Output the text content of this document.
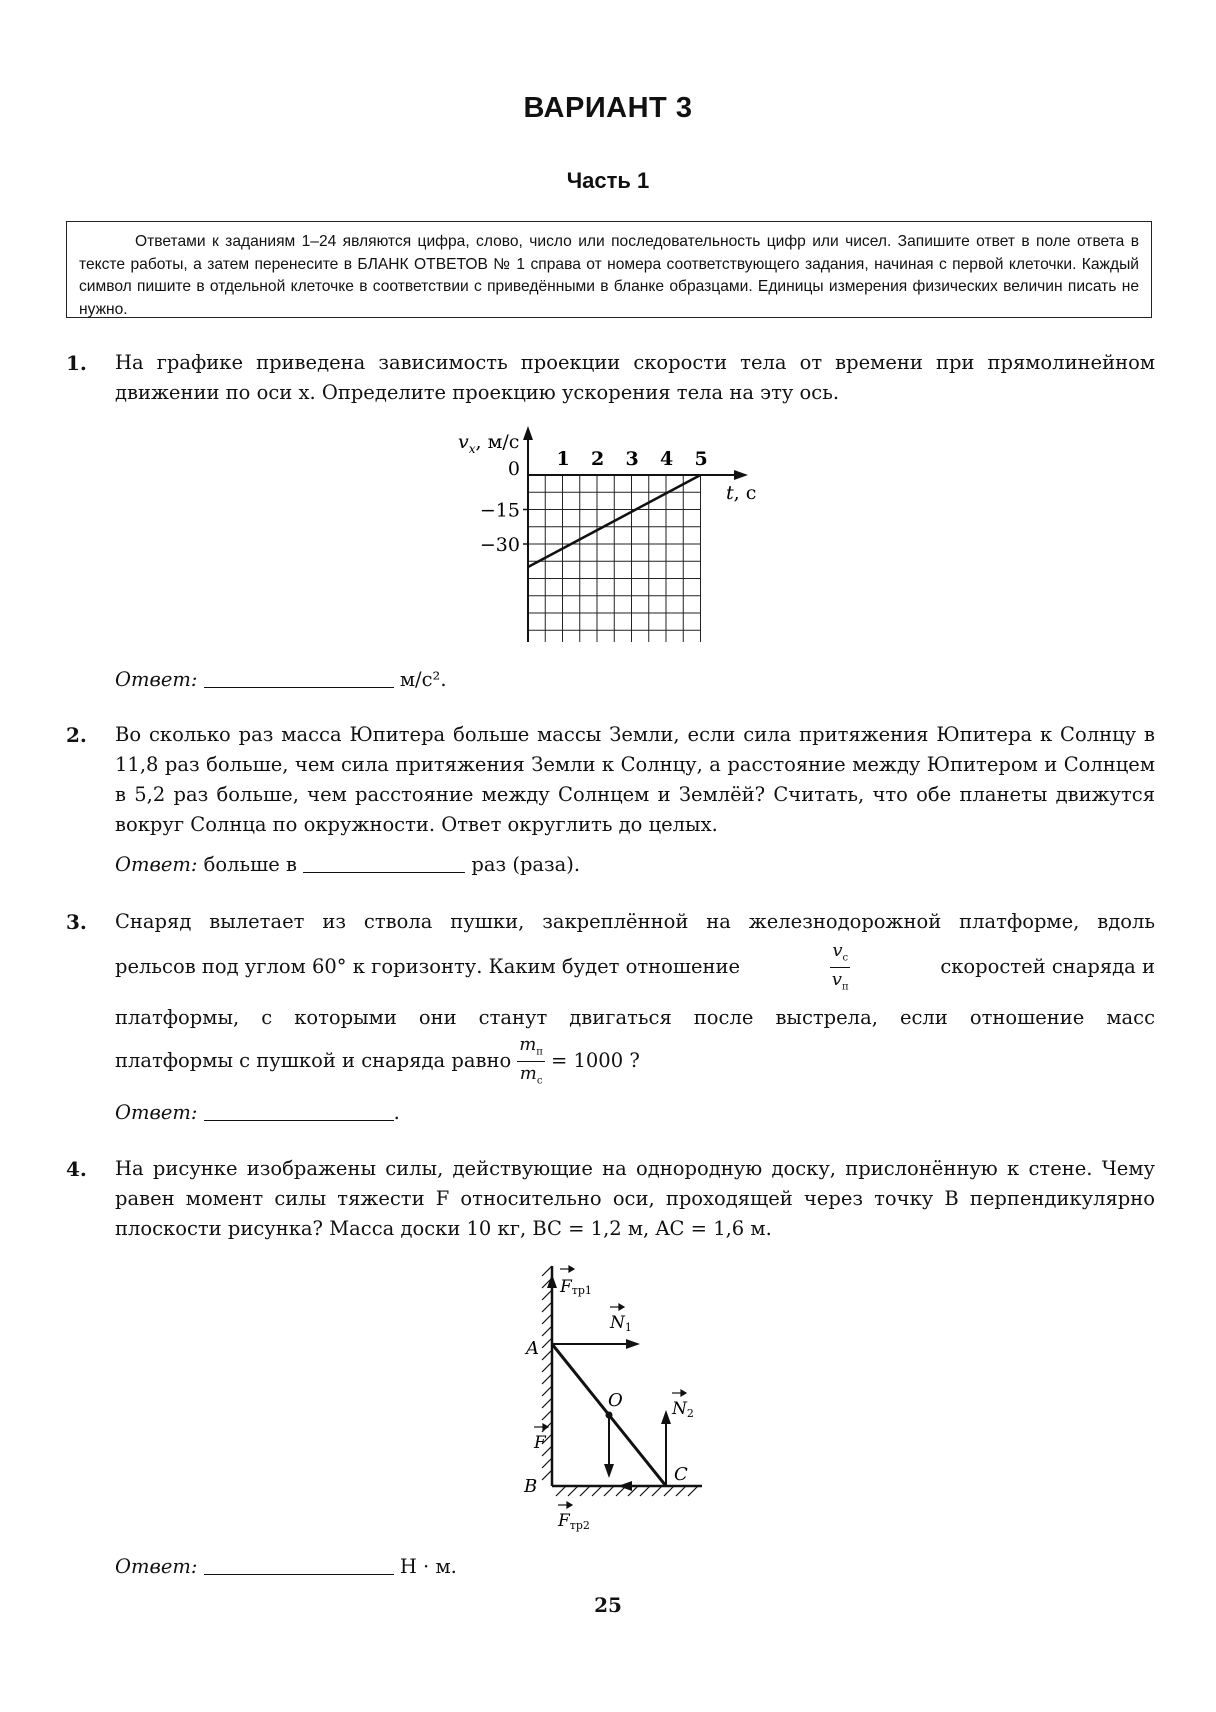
ВАРИАНТ 3
Часть 1
Ответами к заданиям 1–24 являются цифра, слово, число или последовательность цифр или чисел. Запишите ответ в поле ответа в тексте работы, а затем перенесите в БЛАНК ОТВЕТОВ № 1 справа от номера соответствующего задания, начиная с первой клеточки. Каждый символ пишите в отдельной клеточке в соответствии с приведёнными в бланке образцами. Единицы измерения физических величин писать не нужно.
1. На графике приведена зависимость проекции скорости тела от времени при прямолинейном движении по оси x. Определите проекцию ускорения тела на эту ось.
1 2 3 4 5
0
−15
−30
$v_x$, м/с
t, с
Ответ:	м/с².
2. Во сколько раз масса Юпитера больше массы Земли, если сила притяжения Юпитера к Солнцу в 11,8 раз больше, чем сила притяжения Земли к Солнцу, а расстояние между Юпитером и Солнцем в 5,2 раз больше, чем расстояние между Солнцем и Землёй? Считать, что обе планеты движутся вокруг Солнца по окружности. Ответ округлить до целых.
Ответ: больше в	раз (раза).
3. Снаряд вылетает из ствола пушки, закреплённой на железнодорожной платформе, вдоль
рельсов под углом 60° к горизонту. Каким будет отношение	$\frac{v_с}{v_п}$	скоростей снаряда и
платформы, с которыми они станут двигаться после выстрела, если отношение масс
платформы с пушкой и снаряда равно $\frac{m_п}{m_с} = 1000$ ?
Ответ:	.
4. На рисунке изображены силы, действующие на однородную доску, прислонённую к стене. Чему равен момент силы тяжести F относительно оси, проходящей через точку B перпендикулярно плоскости рисунка? Масса доски 10 кг, BC = 1,2 м, AC = 1,6 м.
Fтр1
N1
A
O
F
N2
B
C
Fтр2
Ответ:	Н · м.
25
